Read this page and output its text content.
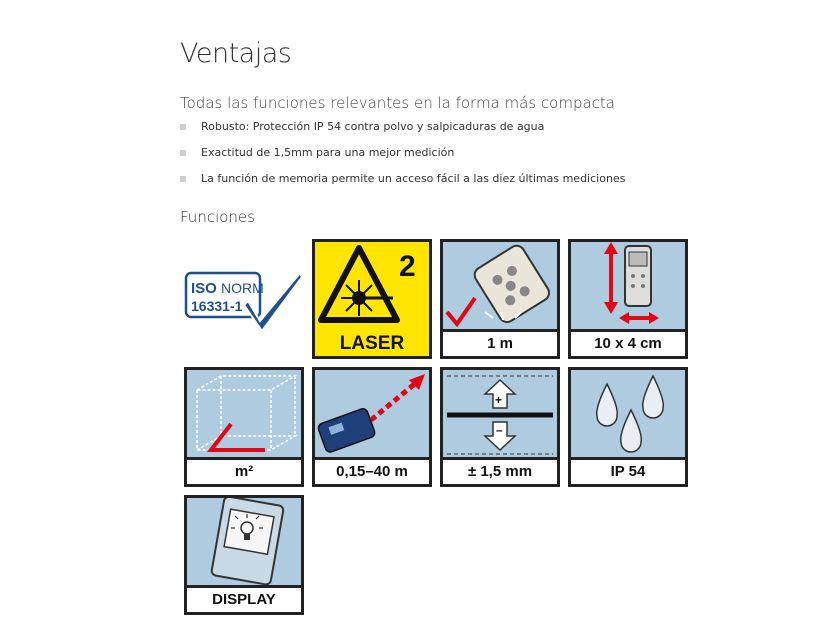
Ventajas
Todas las funciones relevantes en la forma más compacta
Robusto: Protección IP 54 contra polvo y salpicaduras de agua
Exactitud de 1,5mm para una mejor medición
La función de memoria permite un acceso fácil a las diez últimas mediciones
Funciones
ISO NORM
16331-1
2
LASER	1 m	10 x 4 cm
m²	0,15–40 m
+
–
± 1,5 mm	IP 54
DISPLAY
